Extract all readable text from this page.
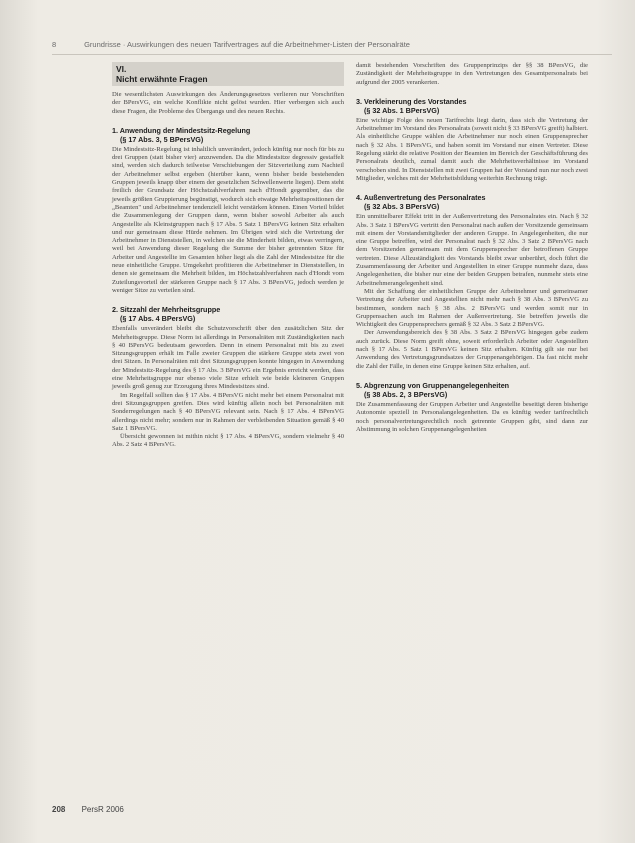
8	Grundrisse · Auswirkungen des neuen Tarifvertrages auf die Arbeitnehmer-Listen der Personalräte
VI.
Nicht erwähnte Fragen

Die wesentlichsten Auswirkungen des Änderungsgesetzes verlieren nur Vorschriften der BPersVG, ein welche Konflikte nicht gelöst wurden. Hier verbergen sich auch diese Fragen, die Probleme des Übergangs und des neuen Rechts.

1. Anwendung der Mindestsitz-Regelung
(§ 17 Abs. 3, 5 BPersVG)

Die Mindestsitz-Regelung ist inhaltlich unverändert, jedoch künftig nur noch für bis zu drei Gruppen (statt bisher vier) anzuwenden. Da die Mindestsitze degressiv gestaffelt sind, werden sich dadurch teilweise Verschiebungen der Sitzverteilung zum Nachteil der Arbeitnehmer selbst ergeben (hierüber kann, wenn bisher beide bestehenden Gruppen jeweils knapp über einem der gesetzlichen Schwellenwerte liegen). Dem steht freilich der Grundsatz der Höchstzahlverfahren nach d'Hondt gegenüber, das die jeweils größten Gruppierung begünstigt, wodurch sich etwaige Mehrheitspositionen der „Beamten" und Arbeitnehmer tendenziell leicht verstärken können. Einen Vorteil bildet die Zusammenlegung der Gruppen dann, wenn bisher sowohl Arbeiter als auch Angestellte als Kleinstgruppen nach § 17 Abs. 5 Satz 1 BPersVG keinen Sitz erhalten und nur gemeinsam diese Hürde nehmen. Im Übrigen wird sich die Vertretung der Arbeitnehmer in Dienststellen, in welchen sie die Minderheit bilden, etwas verringern, weil bei Anwendung dieser Regelung die Summe der bisher getrennten Sitze für Arbeiter und Angestellte im Gesamten höher liegt als die Zahl der Mindestsitze für die neue einheitliche Gruppe. Umgekehrt profitieren die Arbeitnehmer in Dienststellen, in denen sie gemeinsam die Mehrheit bilden, im Höchstzahlverfahren nach d'Hondt vom Zuteilungsvorteil der stärkeren Gruppe nach § 17 Abs. 3 BPersVG, jedoch werden je weniger Sitze zu verteilen sind.

2. Sitzzahl der Mehrheitsgruppe
(§ 17 Abs. 4 BPersVG)

Ebenfalls unverändert bleibt die Schutzvorschrift über den zusätzlichen Sitz der Mehrheitsgruppe. Diese Norm ist allerdings in Personalräten mit Zuständigkeiten nach § 40 BPersVG bedeutsam geworden. Denn in einem Personalrat mit bis zu zwei Sitzungsgruppen erhält im Falle zweier Gruppen die stärkere Gruppe stets zwei von drei Sitzen. In Personalräten mit drei Sitzungsgruppen konnte hingegen in Anwendung der Mindestsitz-Regelung des § 17 Abs. 3 BPersVG ein Ergebnis erreicht werden, dass eine Mehrheitsgruppe nur ebenso viele Sitze erhielt wie beide kleineren Gruppen jeweils groß genug zur Erzeugung ihres Mindestsitzes sind.

Im Regelfall sollten das § 17 Abs. 4 BPersVG nicht mehr bei einem Personalrat mit drei Sitzungsgruppen greifen. Dies wird künftig allein noch bei Personalräten mit Sonderregelungen nach § 40 BPersVG relevant sein. Nach § 17 Abs. 4 BPersVG allerdings nicht mehr; sondern nur in Rahmen der verbleibenden Situation gemäß § 40 Satz 1 BPersVG.

Übersicht gewonnen ist mithin nicht § 17 Abs. 4 BPersVG, sondern vielmehr § 40 Abs. 2 Satz 4 BPersVG.

damit bestehenden Vorschriften des Gruppenprinzips der §§ 38 BPersVG, die Zuständigkeit der Mehrheitsgruppe in den Vertretungen des Gesamtpersonalrats bei aufgrund der 2005 verankerten.

3. Verkleinerung des Vorstandes
(§ 32 Abs. 1 BPersVG)

Eine wichtige Folge des neuen Tarifrechts liegt darin, dass sich die Vertretung der Arbeitnehmer im Vorstand des Personalrats (soweit nicht § 33 BPersVG greift) halbiert. Als einheitliche Gruppe wählen die Arbeitnehmer nur noch einen Gruppensprecher nach § 32 Abs. 1 BPersVG, und haben somit im Vorstand nur einen Vertreter. Diese Regelung stärkt die relative Position der Beamten im Bereich der Geschäftsführung des Personalrats deutlich, zumal damit auch die Mehrheitsverhältnisse im Vorstand verschoben sind. In Dienststellen mit zwei Gruppen hat der Vorstand nun nur noch zwei Mitglieder, welches mit der Mehrheitsbildung weiterhin Rechnung trägt.

4. Außenvertretung des Personalrates
(§ 32 Abs. 3 BPersVG)

Ein unmittelbarer Effekt tritt in der Außenvertretung des Personalrates ein. Nach § 32 Abs. 3 Satz 1 BPersVG vertritt den Personalrat nach außen der Vorsitzende gemeinsam mit einem der Vorstandsmitglieder der anderen Gruppe. In Angelegenheiten, die nur eine Gruppe betreffen, wird der Personalrat nach § 32 Abs. 3 Satz 2 BPersVG nach dem Vorsitzenden gemeinsam mit dem Gruppensprecher der betroffenen Gruppe vertreten. Diese Allzuständigkeit des Vorstands bleibt zwar unberührt, doch führt die Zusammenfassung der Arbeiter und Angestellten in einer Gruppe nunmehr dazu, dass Angelegenheiten, die bisher nur eine der beiden Gruppen betrafen, nunmehr stets eine Arbeitnehmerangelegenheit sind.

Mit der Schaffung der einheitlichen Gruppe der Arbeitnehmer und gemeinsamer Vertretung der Arbeiter und Angestellten nicht mehr nach § 38 Abs. 3 BPersVG zu bestimmen, sondern nach § 38 Abs. 2 BPersVG und werden somit nur in Gruppensachen auch im Rahmen der Außenvertretung. Sie betreffen jeweils die Wichtigkeit des Gruppensprechers gemäß § 32 Abs. 3 Satz 2 BPersVG.

Der Anwendungsbereich des § 38 Abs. 3 Satz 2 BPersVG hingegen gebe zudem auch zurück. Diese Norm greift ohne, soweit erforderlich Arbeiter oder Angestellten nach § 17 Abs. 5 Satz 1 BPersVG keinen Sitz erhalten. Künftig gilt sie nur bei Anwendung des Vertretungsgrundsatzes der Gruppenangehörigen. Da fast nicht mehr die Zahl der Fälle, in denen eine Gruppe keinen Sitz erhalten, auf.

5. Abgrenzung von Gruppenangelegenheiten
(§ 38 Abs. 2, 3 BPersVG)

Die Zusammenfassung der Gruppen Arbeiter und Angestellte beseitigt deren bisherige Autonomie speziell in Personalangelegenheiten. Da es künftig weder tarifrechtlich noch personalvertretungsrechtlich noch getrennte Gruppen gibt, sind dann zur Abstimmung in solchen Gruppenangelegenheiten

208 PersR 2006
